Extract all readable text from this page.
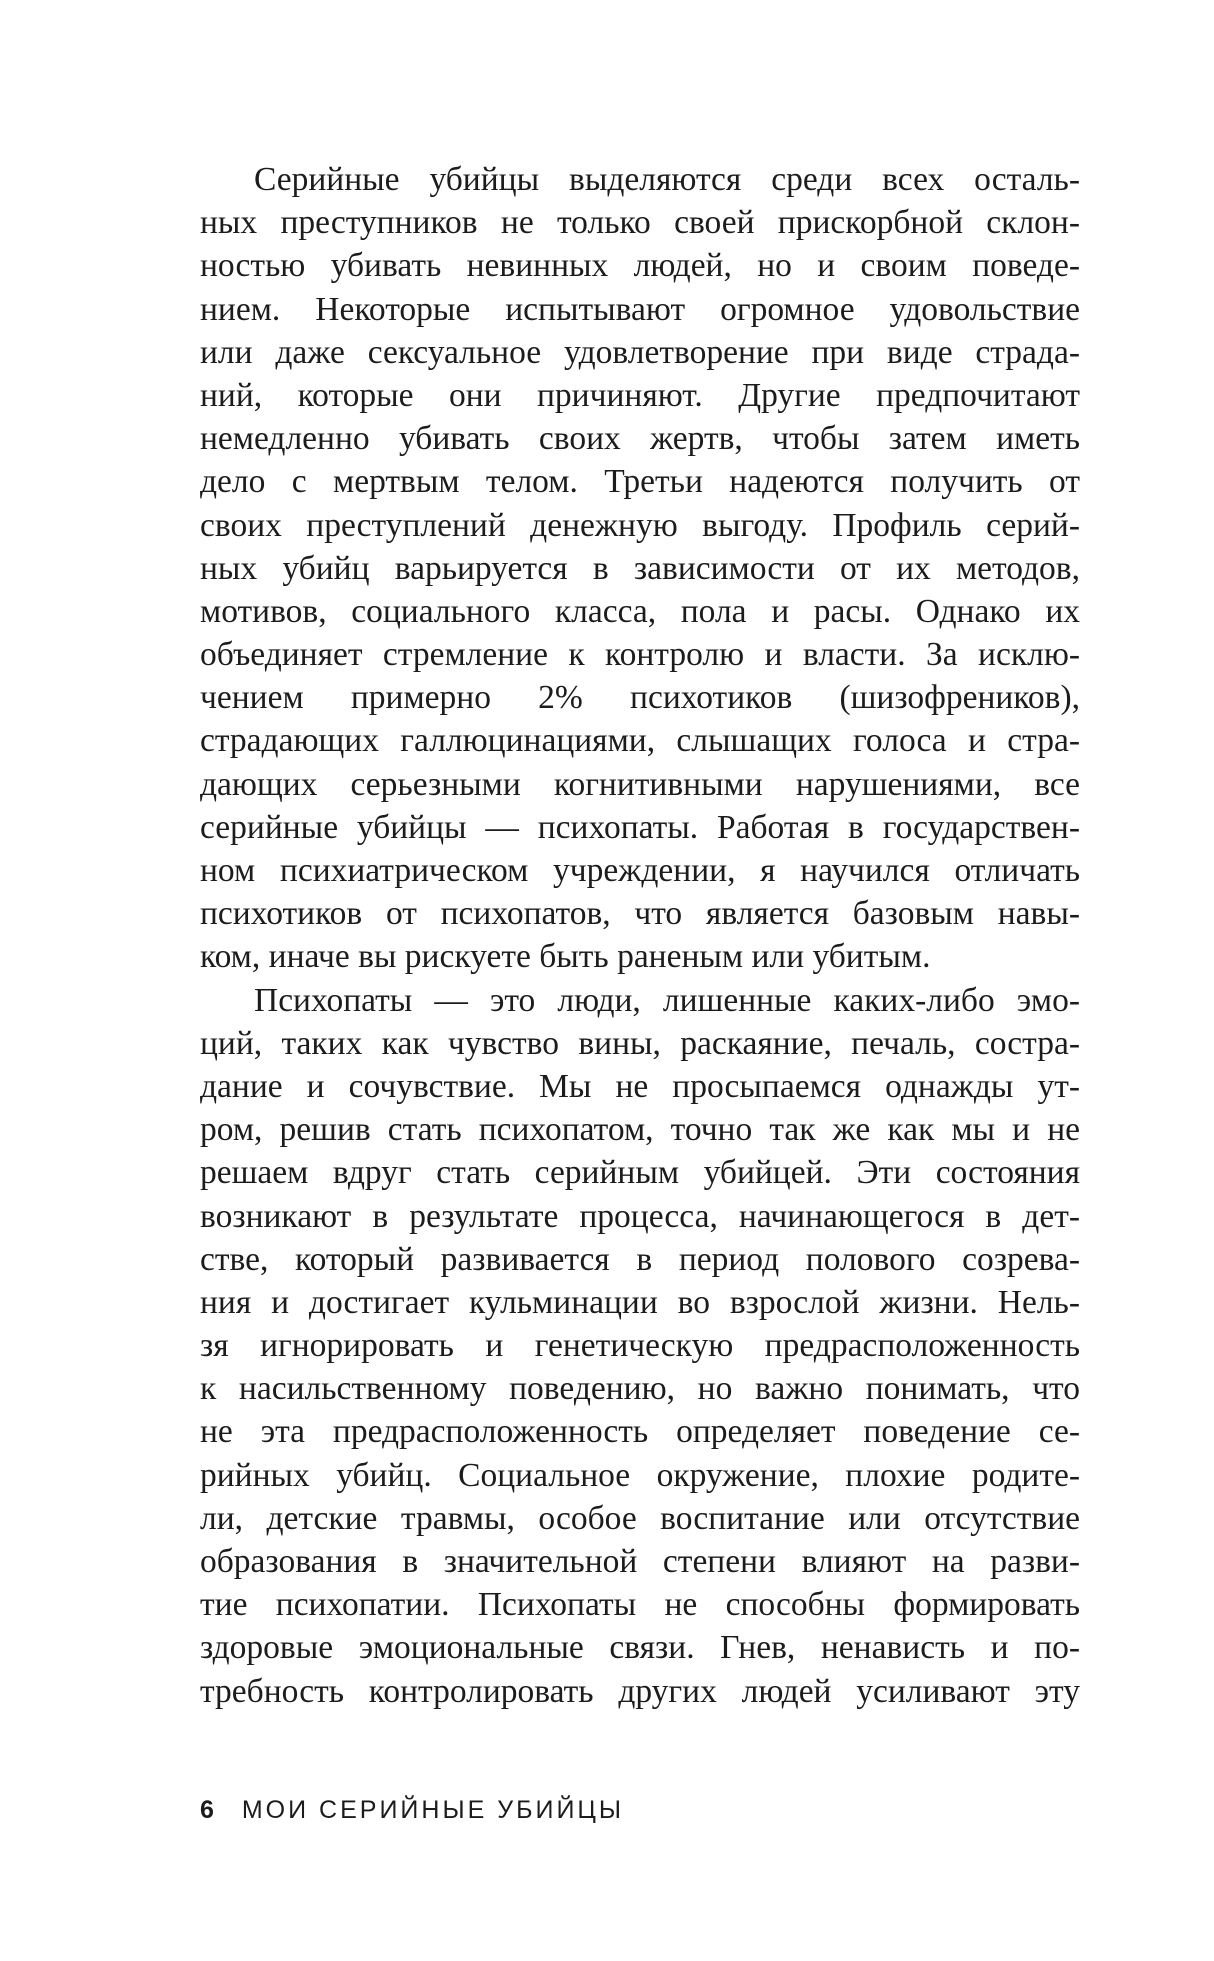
Серийные убийцы выделяются среди всех осталь-
ных преступников не только своей прискорбной склон-
ностью убивать невинных людей, но и своим поведе-
нием. Некоторые испытывают огромное удовольствие
или даже сексуальное удовлетворение при виде страда-
ний, которые они причиняют. Другие предпочитают
немедленно убивать своих жертв, чтобы затем иметь
дело с мертвым телом. Третьи надеются получить от
своих преступлений денежную выгоду. Профиль серий-
ных убийц варьируется в зависимости от их методов,
мотивов, социального класса, пола и расы. Однако их
объединяет стремление к контролю и власти. За исклю-
чением примерно 2% психотиков (шизофреников),
страдающих галлюцинациями, слышащих голоса и стра-
дающих серьезными когнитивными нарушениями, все
серийные убийцы — психопаты. Работая в государствен-
ном психиатрическом учреждении, я научился отличать
психотиков от психопатов, что является базовым навы-
ком, иначе вы рискуете быть раненым или убитым.
Психопаты — это люди, лишенные каких-либо эмо-
ций, таких как чувство вины, раскаяние, печаль, состра-
дание и сочувствие. Мы не просыпаемся однажды ут-
ром, решив стать психопатом, точно так же как мы и не
решаем вдруг стать серийным убийцей. Эти состояния
возникают в результате процесса, начинающегося в дет-
стве, который развивается в период полового созрева-
ния и достигает кульминации во взрослой жизни. Нель-
зя игнорировать и генетическую предрасположенность
к насильственному поведению, но важно понимать, что
не эта предрасположенность определяет поведение се-
рийных убийц. Социальное окружение, плохие родите-
ли, детские травмы, особое воспитание или отсутствие
образования в значительной степени влияют на разви-
тие психопатии. Психопаты не способны формировать
здоровые эмоциональные связи. Гнев, ненависть и по-
требность контролировать других людей усиливают эту
6 МОИ СЕРИЙНЫЕ УБИЙЦЫ
